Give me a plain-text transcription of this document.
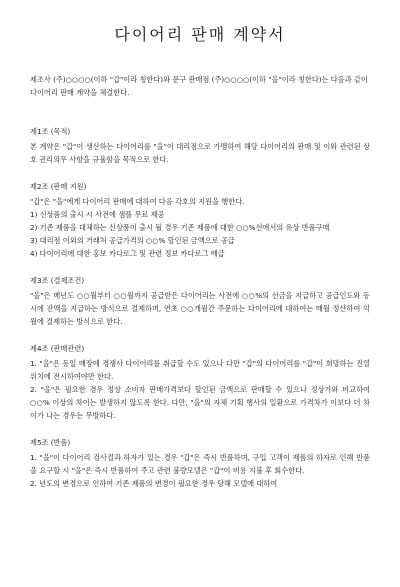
다이어리 판매 계약서
제조사 (주)○○○○(이하 "갑"이라 칭한다)와 문구 판매점 (주)○○○○(이하 "을"이라 칭한다)는 다음과 같이 다이어리 판매 계약을 체결한다.
제1조 (목적)

본 계약은 "갑"이 생산하는 다이어리를 "을"이 대리점으로 가맹하여 해당 다이어리의 판매 및 이와 관련된 상호 권리의무 사항을 규율함을 목적으로 한다.

제2조 (판매 지원)

"갑"은 "을"에게 다이어리 판매에 대하여 다음 각호의 지원을 행한다.

1) 신상품의 출시 시 사전에 샘플 무료 제공

2) 기존 제품을 대체하는 신상품이 출시 될 경우 기존 제품에 대한 ○○%선에서의 유상 반품구매

3) 대리점 이외의 거래처 공급가격의 ○○% 할인된 금액으로 공급

4) 다이어리에 대한 홍보 카다로그 및 관련 정보 카다로그 배급

제3조 (결제조건)

"을"은 매년도 ○○월부터 ○○월까지 공급받은 다이어리는 사전에 ○○%의 선금을 지급하고 공급인도와 동시에 잔액을 지급하는 방식으로 결제하며, 연초 ○○개월간 주문하는 다이어리에 대하여는 매월 정산하여 익월에 결제하는 방식으로 한다.

제4조 (판매관련)

1. "을"은 동일 매장에 경쟁사 다이어리를 취급할 수도 있으나 다만 "갑"의 다이어리를 "갑"이 희망하는 진열 위치에 전시하여야만 한다.

2. "을"은 필요한 경우 정상 소비자 판매가격보다 할인된 금액으로 판매할 수 있으나 정상가와 비교하여 ○○% 이상의 차이는 발생하지 않도록 한다. 다만, "을"의 자체 기획 행사의 일환으로 가격차가 이보다 더 차이가 나는 경우는 무방하다.

제5조 (반품)

1. "을"이 다이어리 검사결과 하자가 있는 경우 "갑"은 즉시 반품하며, 구입 고객이 제품의 하자로 인해 반품을 요구할 시 "을"은 즉시 반품하여 주고 관련 불량모델은 "갑"이 비용 지불 후 회수한다.

2. 년도의 변경으로 인하여 기존 제품의 변경이 필요한 경우 당해 모델에 대하여
